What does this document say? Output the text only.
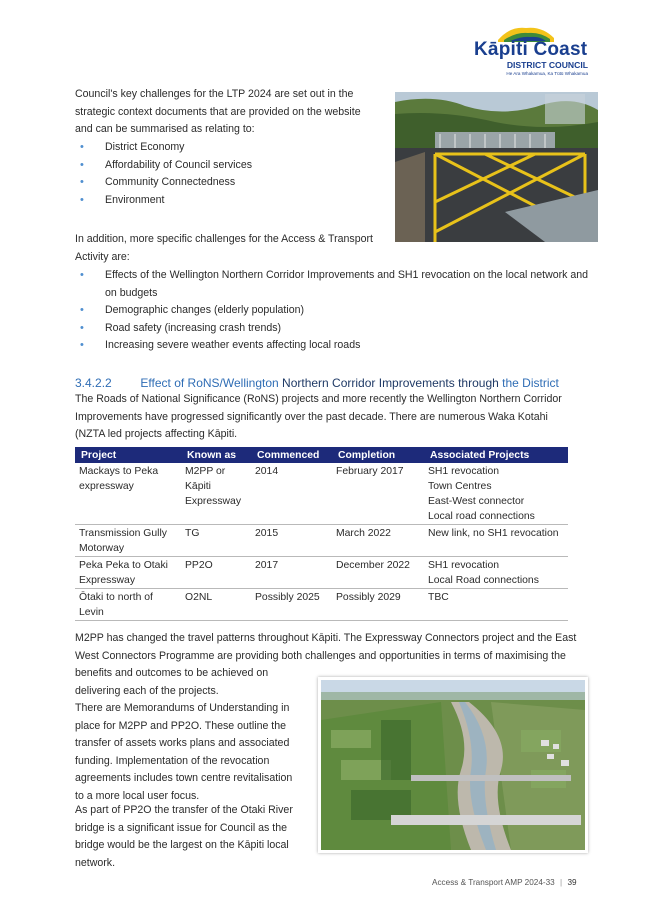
Kāpiti Coast
DISTRICT COUNCIL
He Ara Whakamua, Ka Tūtū Whakamua

Council's key challenges for the LTP 2024 are set out in the strategic context documents that are provided on the website and can be summarised as relating to:

• District Economy
• Affordability of Council services
• Community Connectedness
• Environment

In addition, more specific challenges for the Access & Transport Activity are:

• Effects of the Wellington Northern Corridor Improvements and SH1 revocation on the local network and on budgets
• Demographic changes (elderly population)
• Road safety (increasing crash trends)
• Increasing severe weather events affecting local roads
3.4.2.2 Effect of RoNS/Wellington Northern Corridor Improvements through the District

The Roads of National Significance (RoNS) projects and more recently the Wellington Northern Corridor Improvements have progressed significantly over the past decade. There are numerous Waka Kotahi (NZTA led projects affecting Kāpiti.

Project	Known as	Commenced	Completion	Associated Projects

Mackays to Peka
expressway	M2PP or
Kāpiti
Expressway	2014	February 2017	SH1 revocation
Town Centres
East-West connector
Local road connections

Transmission Gully
Motorway	TG	2015	March 2022	New link, no SH1 revocation

Peka Peka to Otaki
Expressway	PP2O	2017	December 2022	SH1 revocation
Local Road connections

Ōtaki to north of
Levin	O2NL	Possibly 2025	Possibly 2029	TBC

M2PP has changed the travel patterns throughout Kāpiti. The Expressway Connectors project and the East West Connectors Programme are providing both challenges and opportunities in terms of maximising the

benefits and outcomes to be achieved on delivering each of the projects.

There are Memorandums of Understanding in place for M2PP and PP2O. These outline the transfer of assets works plans and associated funding. Implementation of the revocation agreements includes town centre revitalisation to a more local user focus.

As part of PP2O the transfer of the Otaki River bridge is a significant issue for Council as the bridge would be the largest on the Kāpiti local network.

Access & Transport AMP 2024-33 | 39
